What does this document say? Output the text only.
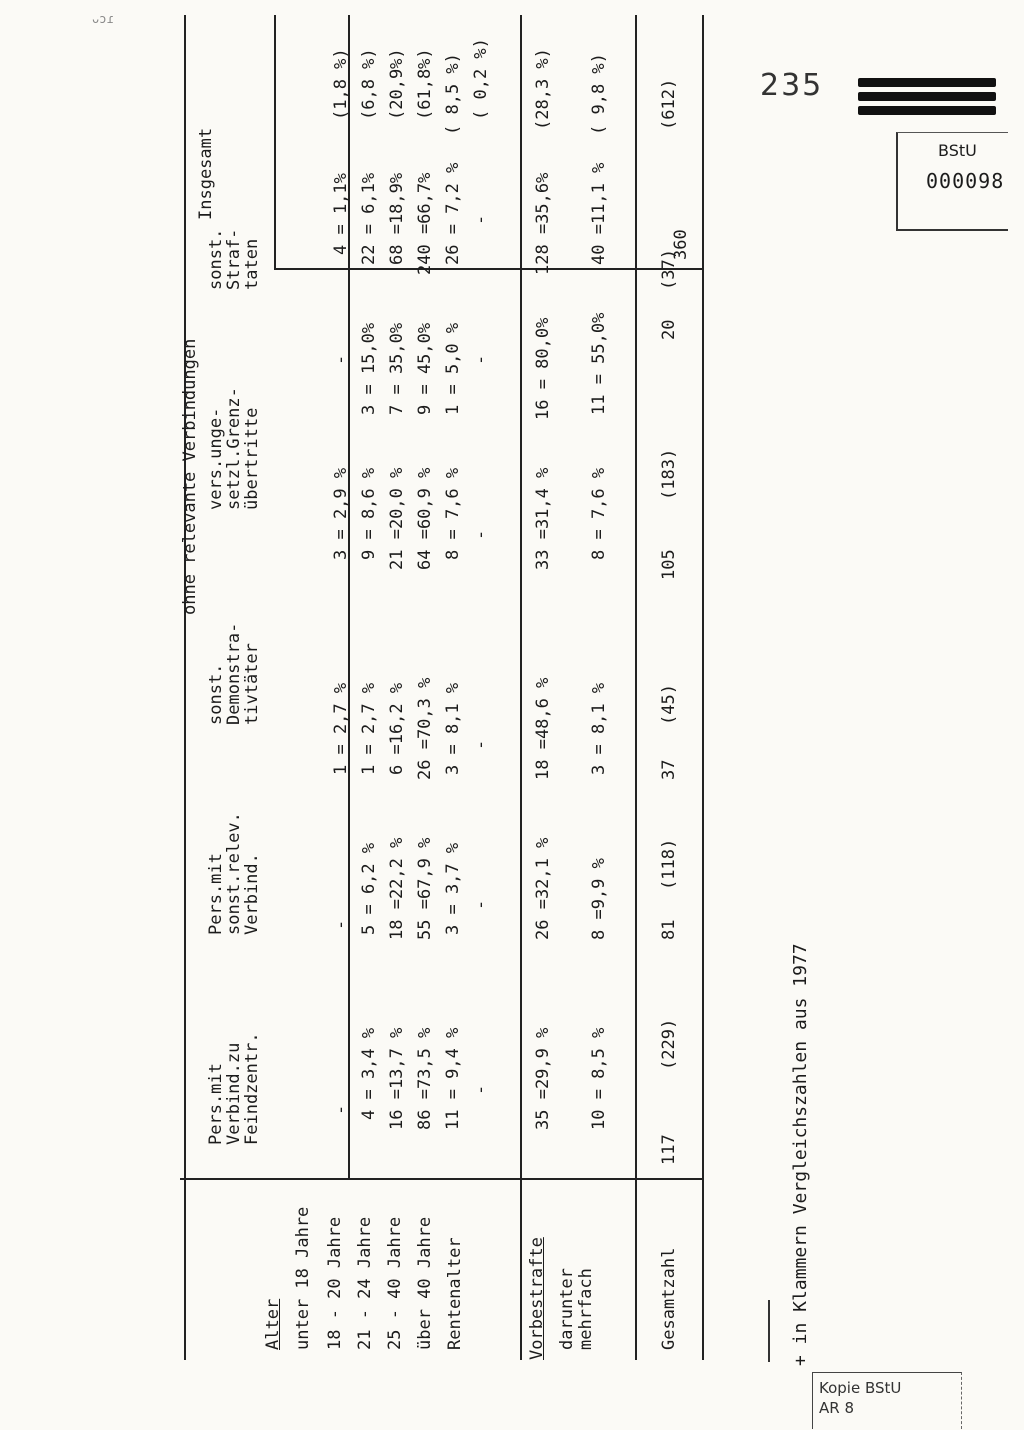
ᴗɔɾ
235
BStU
000098
Kopie BStU
AR 8
ohne relevante Verbindungen
Insgesamt
Pers.mit
Verbind.zu
Feindzentr.
Pers.mit
sonst.relev.
Verbind.
sonst.
Demonstra-
tivtäter
vers.unge-
setzl.Grenz-
übertritte
sonst.
Straf-
taten
Alter unter 18 Jahre
-
-
1 = 2,7 %
3 = 2,9 %
-
4 = 1,1%
(1,8 %)
18 - 20 Jahre
4 = 3,4 %
5 = 6,2 %
1 = 2,7 %
9 = 8,6 %
3 = 15,0%
22 = 6,1%
(6,8 %)
21 - 24 Jahre
16 =13,7 %
18 =22,2 %
6 =16,2 %
21 =20,0 %
7 = 35,0%
68 =18,9%
(20,9%)
25 - 40 Jahre
86 =73,5 %
55 =67,9 %
26 =70,3 %
64 =60,9 %
9 = 45,0%
240 =66,7%
(61,8%)
über 40 Jahre
11 = 9,4 %
3 = 3,7 %
3 = 8,1 %
8 = 7,6 %
1 = 5,0 %
26 = 7,2 %
( 8,5 %)
Rentenalter
-
-
-
-
-
-
( 0,2 %)
Vorbestrafte
35 =29,9 %
26 =32,1 %
18 =48,6 %
33 =31,4 %
16 = 80,0%
128 =35,6%
(28,3 %)
darunter
mehrfach
10 = 8,5 %
8 =9,9 %
3 = 8,1 %
8 = 7,6 %
11 = 55,0%
40 =11,1 %
( 9,8 %)
Gesamtzahl
117
(229)
81
(118)
37
(45)
105
(183)
20
(37)
360
(612)
+ in Klammern Vergleichszahlen aus 1977
